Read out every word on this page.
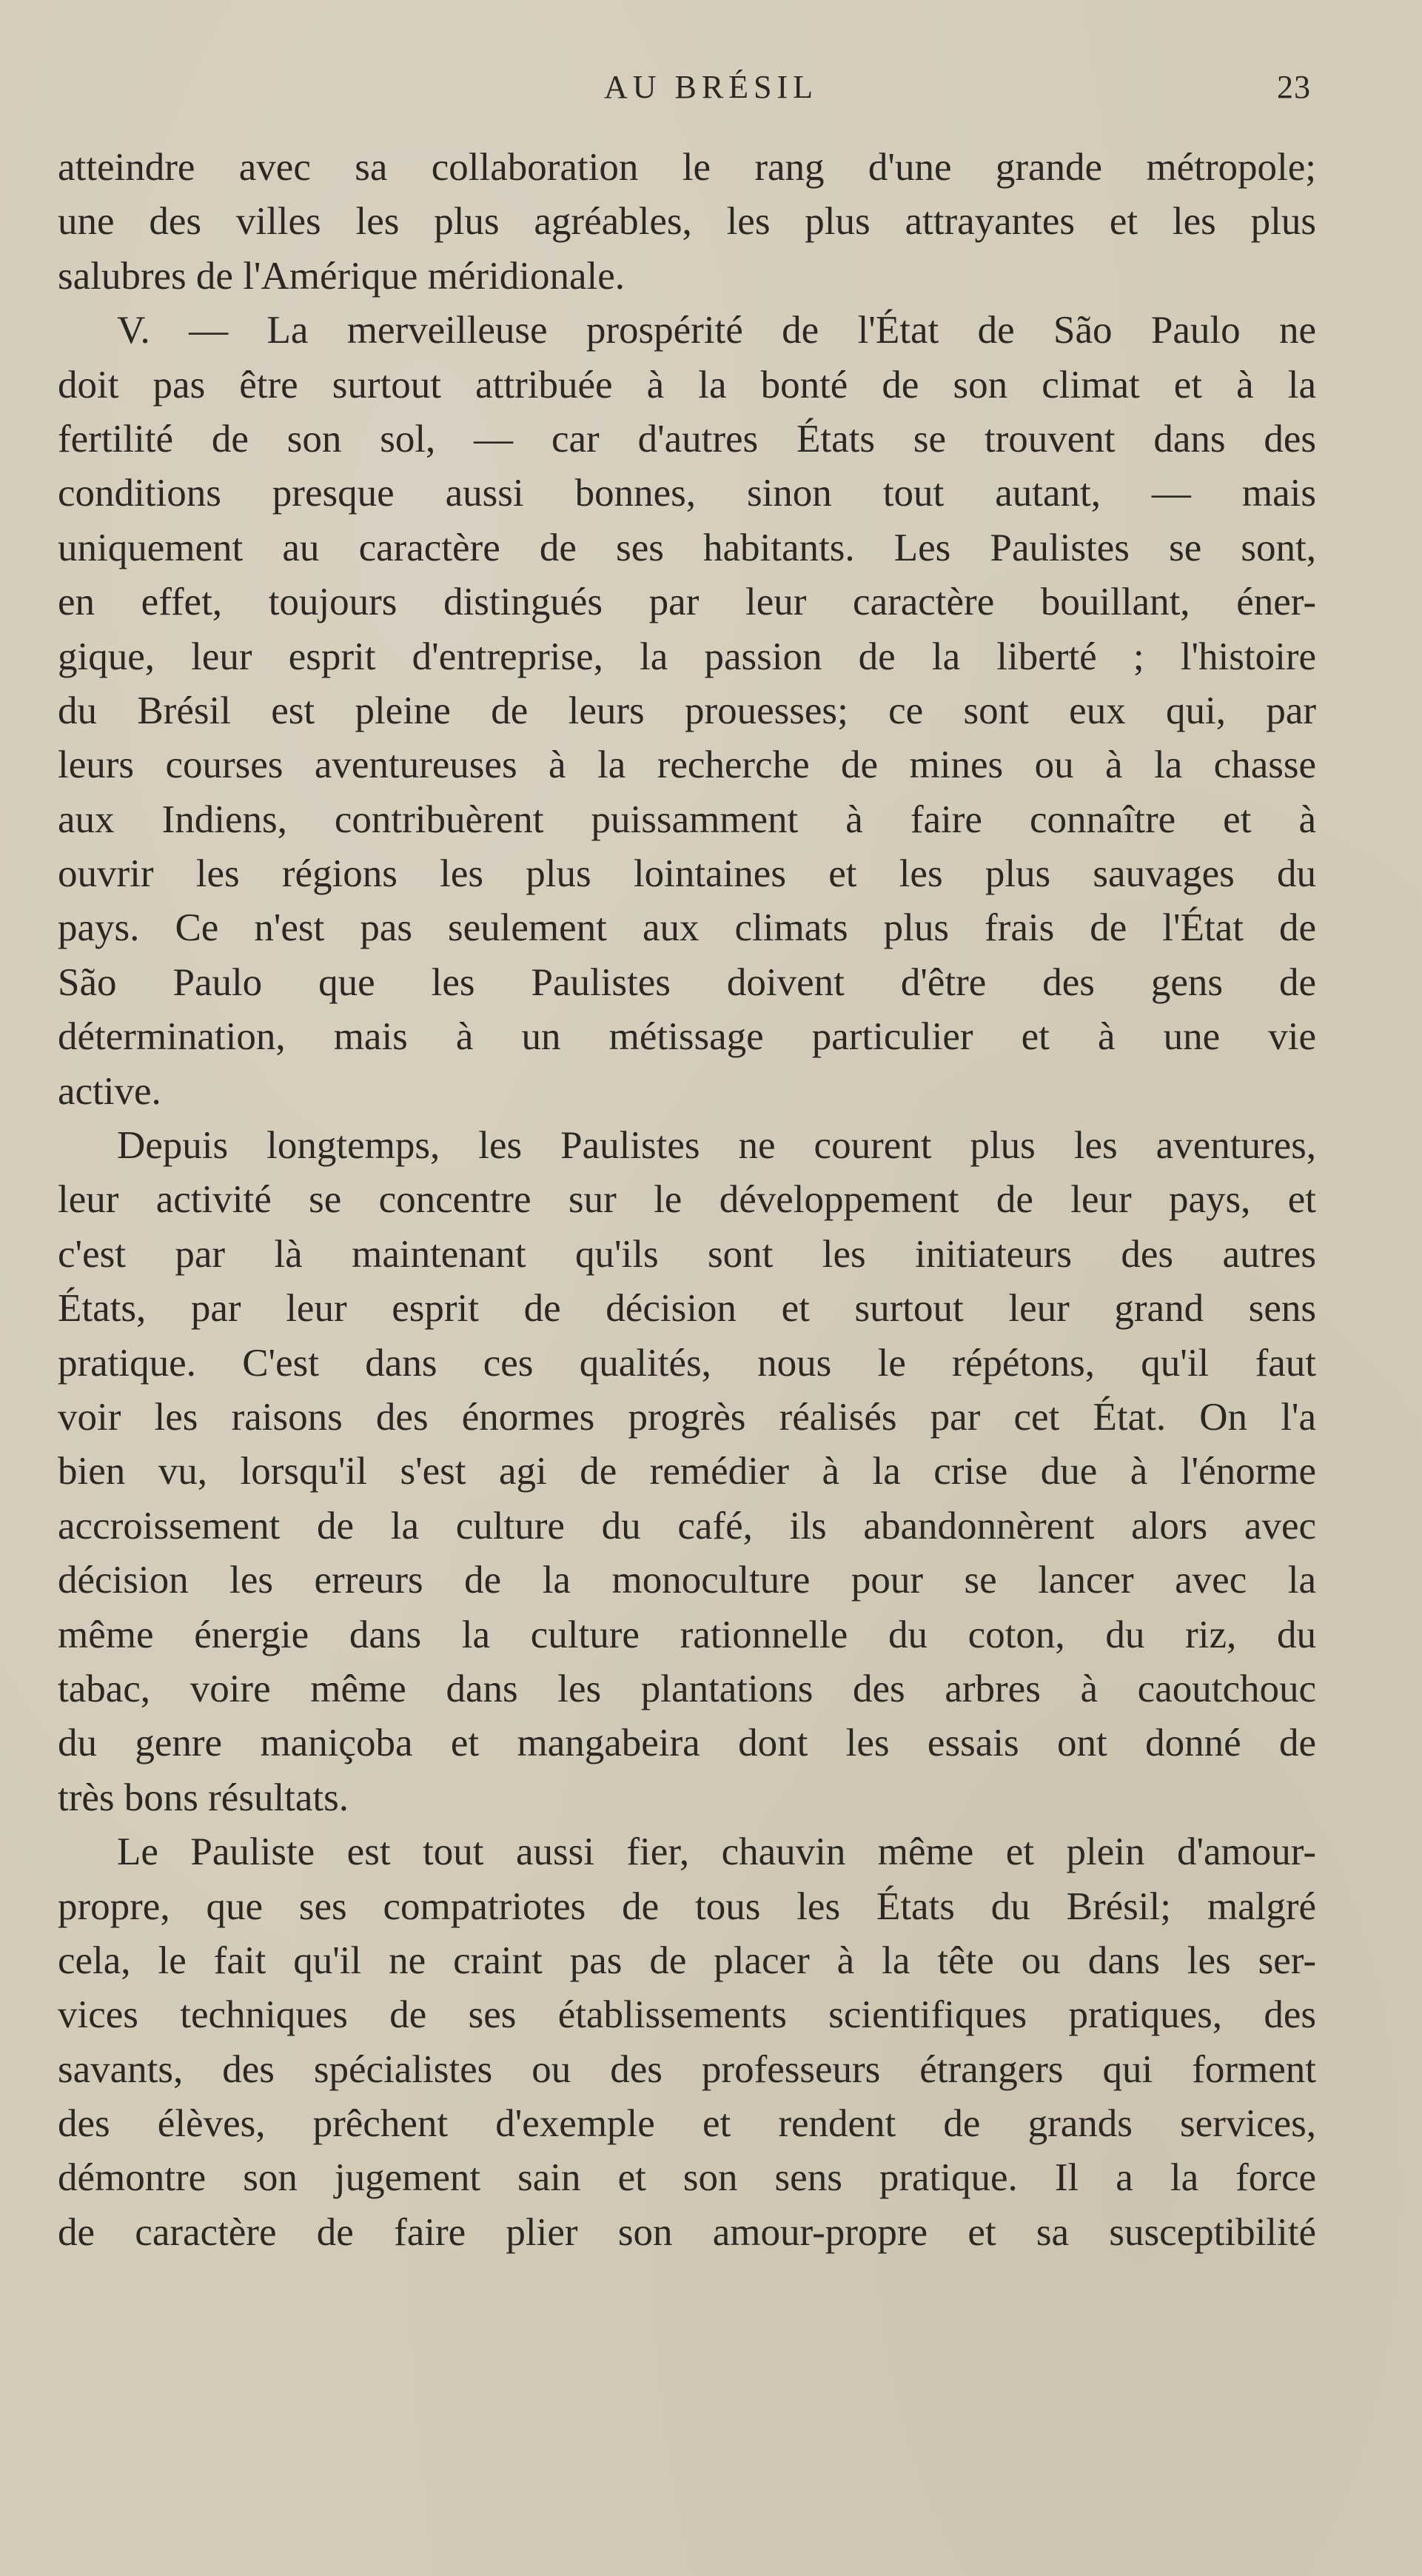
AU BRÉSIL	23
atteindre avec sa collaboration le rang d'une grande métropole;
une des villes les plus agréables, les plus attrayantes et les plus
salubres de l'Amérique méridionale.
V. — La merveilleuse prospérité de l'État de São Paulo ne
doit pas être surtout attribuée à la bonté de son climat et à la
fertilité de son sol, — car d'autres États se trouvent dans des
conditions presque aussi bonnes, sinon tout autant, — mais
uniquement au caractère de ses habitants. Les Paulistes se sont,
en effet, toujours distingués par leur caractère bouillant, éner-
gique, leur esprit d'entreprise, la passion de la liberté ; l'histoire
du Brésil est pleine de leurs prouesses; ce sont eux qui, par
leurs courses aventureuses à la recherche de mines ou à la chasse
aux Indiens, contribuèrent puissamment à faire connaître et à
ouvrir les régions les plus lointaines et les plus sauvages du
pays. Ce n'est pas seulement aux climats plus frais de l'État de
São Paulo que les Paulistes doivent d'être des gens de
détermination, mais à un métissage particulier et à une vie
active.
Depuis longtemps, les Paulistes ne courent plus les aventures,
leur activité se concentre sur le développement de leur pays, et
c'est par là maintenant qu'ils sont les initiateurs des autres
États, par leur esprit de décision et surtout leur grand sens
pratique. C'est dans ces qualités, nous le répétons, qu'il faut
voir les raisons des énormes progrès réalisés par cet État. On l'a
bien vu, lorsqu'il s'est agi de remédier à la crise due à l'énorme
accroissement de la culture du café, ils abandonnèrent alors avec
décision les erreurs de la monoculture pour se lancer avec la
même énergie dans la culture rationnelle du coton, du riz, du
tabac, voire même dans les plantations des arbres à caoutchouc
du genre maniçoba et mangabeira dont les essais ont donné de
très bons résultats.
Le Pauliste est tout aussi fier, chauvin même et plein d'amour-
propre, que ses compatriotes de tous les États du Brésil; malgré
cela, le fait qu'il ne craint pas de placer à la tête ou dans les ser-
vices techniques de ses établissements scientifiques pratiques, des
savants, des spécialistes ou des professeurs étrangers qui forment
des élèves, prêchent d'exemple et rendent de grands services,
démontre son jugement sain et son sens pratique. Il a la force
de caractère de faire plier son amour-propre et sa susceptibilité
